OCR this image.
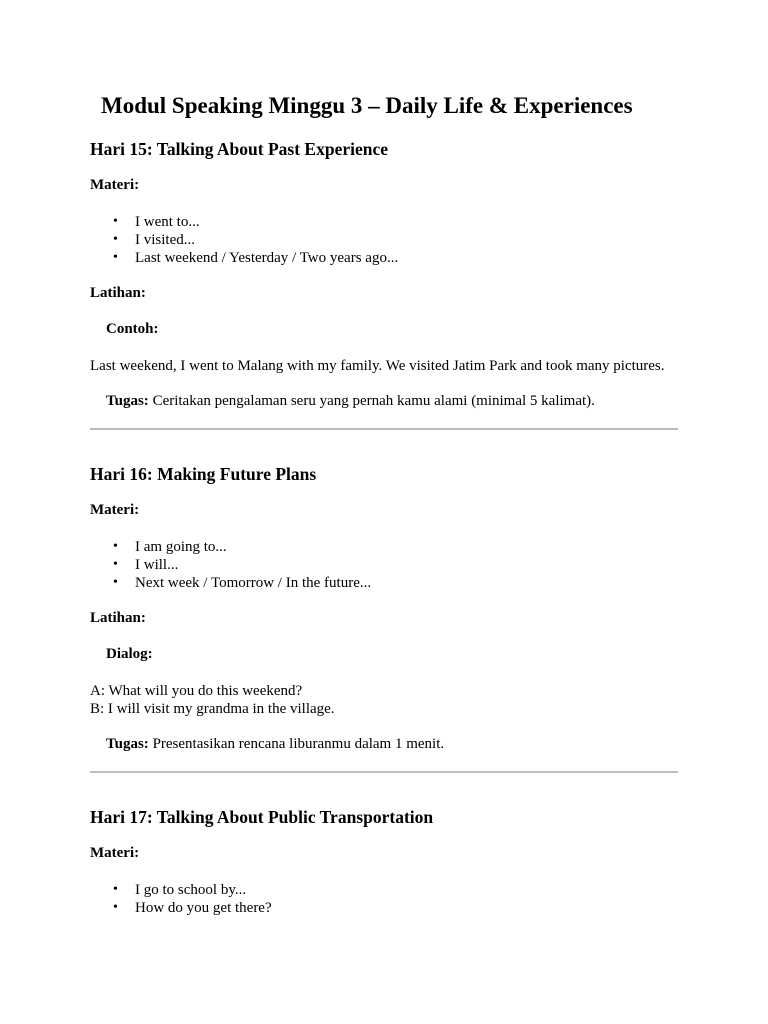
Modul Speaking Minggu 3 – Daily Life & Experiences
Hari 15: Talking About Past Experience
Materi:
• I went to...
• I visited...
• Last weekend / Yesterday / Two years ago...
Latihan:
Contoh:
Last weekend, I went to Malang with my family. We visited Jatim Park and took many pictures.
Tugas: Ceritakan pengalaman seru yang pernah kamu alami (minimal 5 kalimat).
Hari 16: Making Future Plans
Materi:
• I am going to...
• I will...
• Next week / Tomorrow / In the future...
Latihan:
Dialog:
A: What will you do this weekend?
B: I will visit my grandma in the village.
Tugas: Presentasikan rencana liburanmu dalam 1 menit.
Hari 17: Talking About Public Transportation
Materi:
• I go to school by...
• How do you get there?
